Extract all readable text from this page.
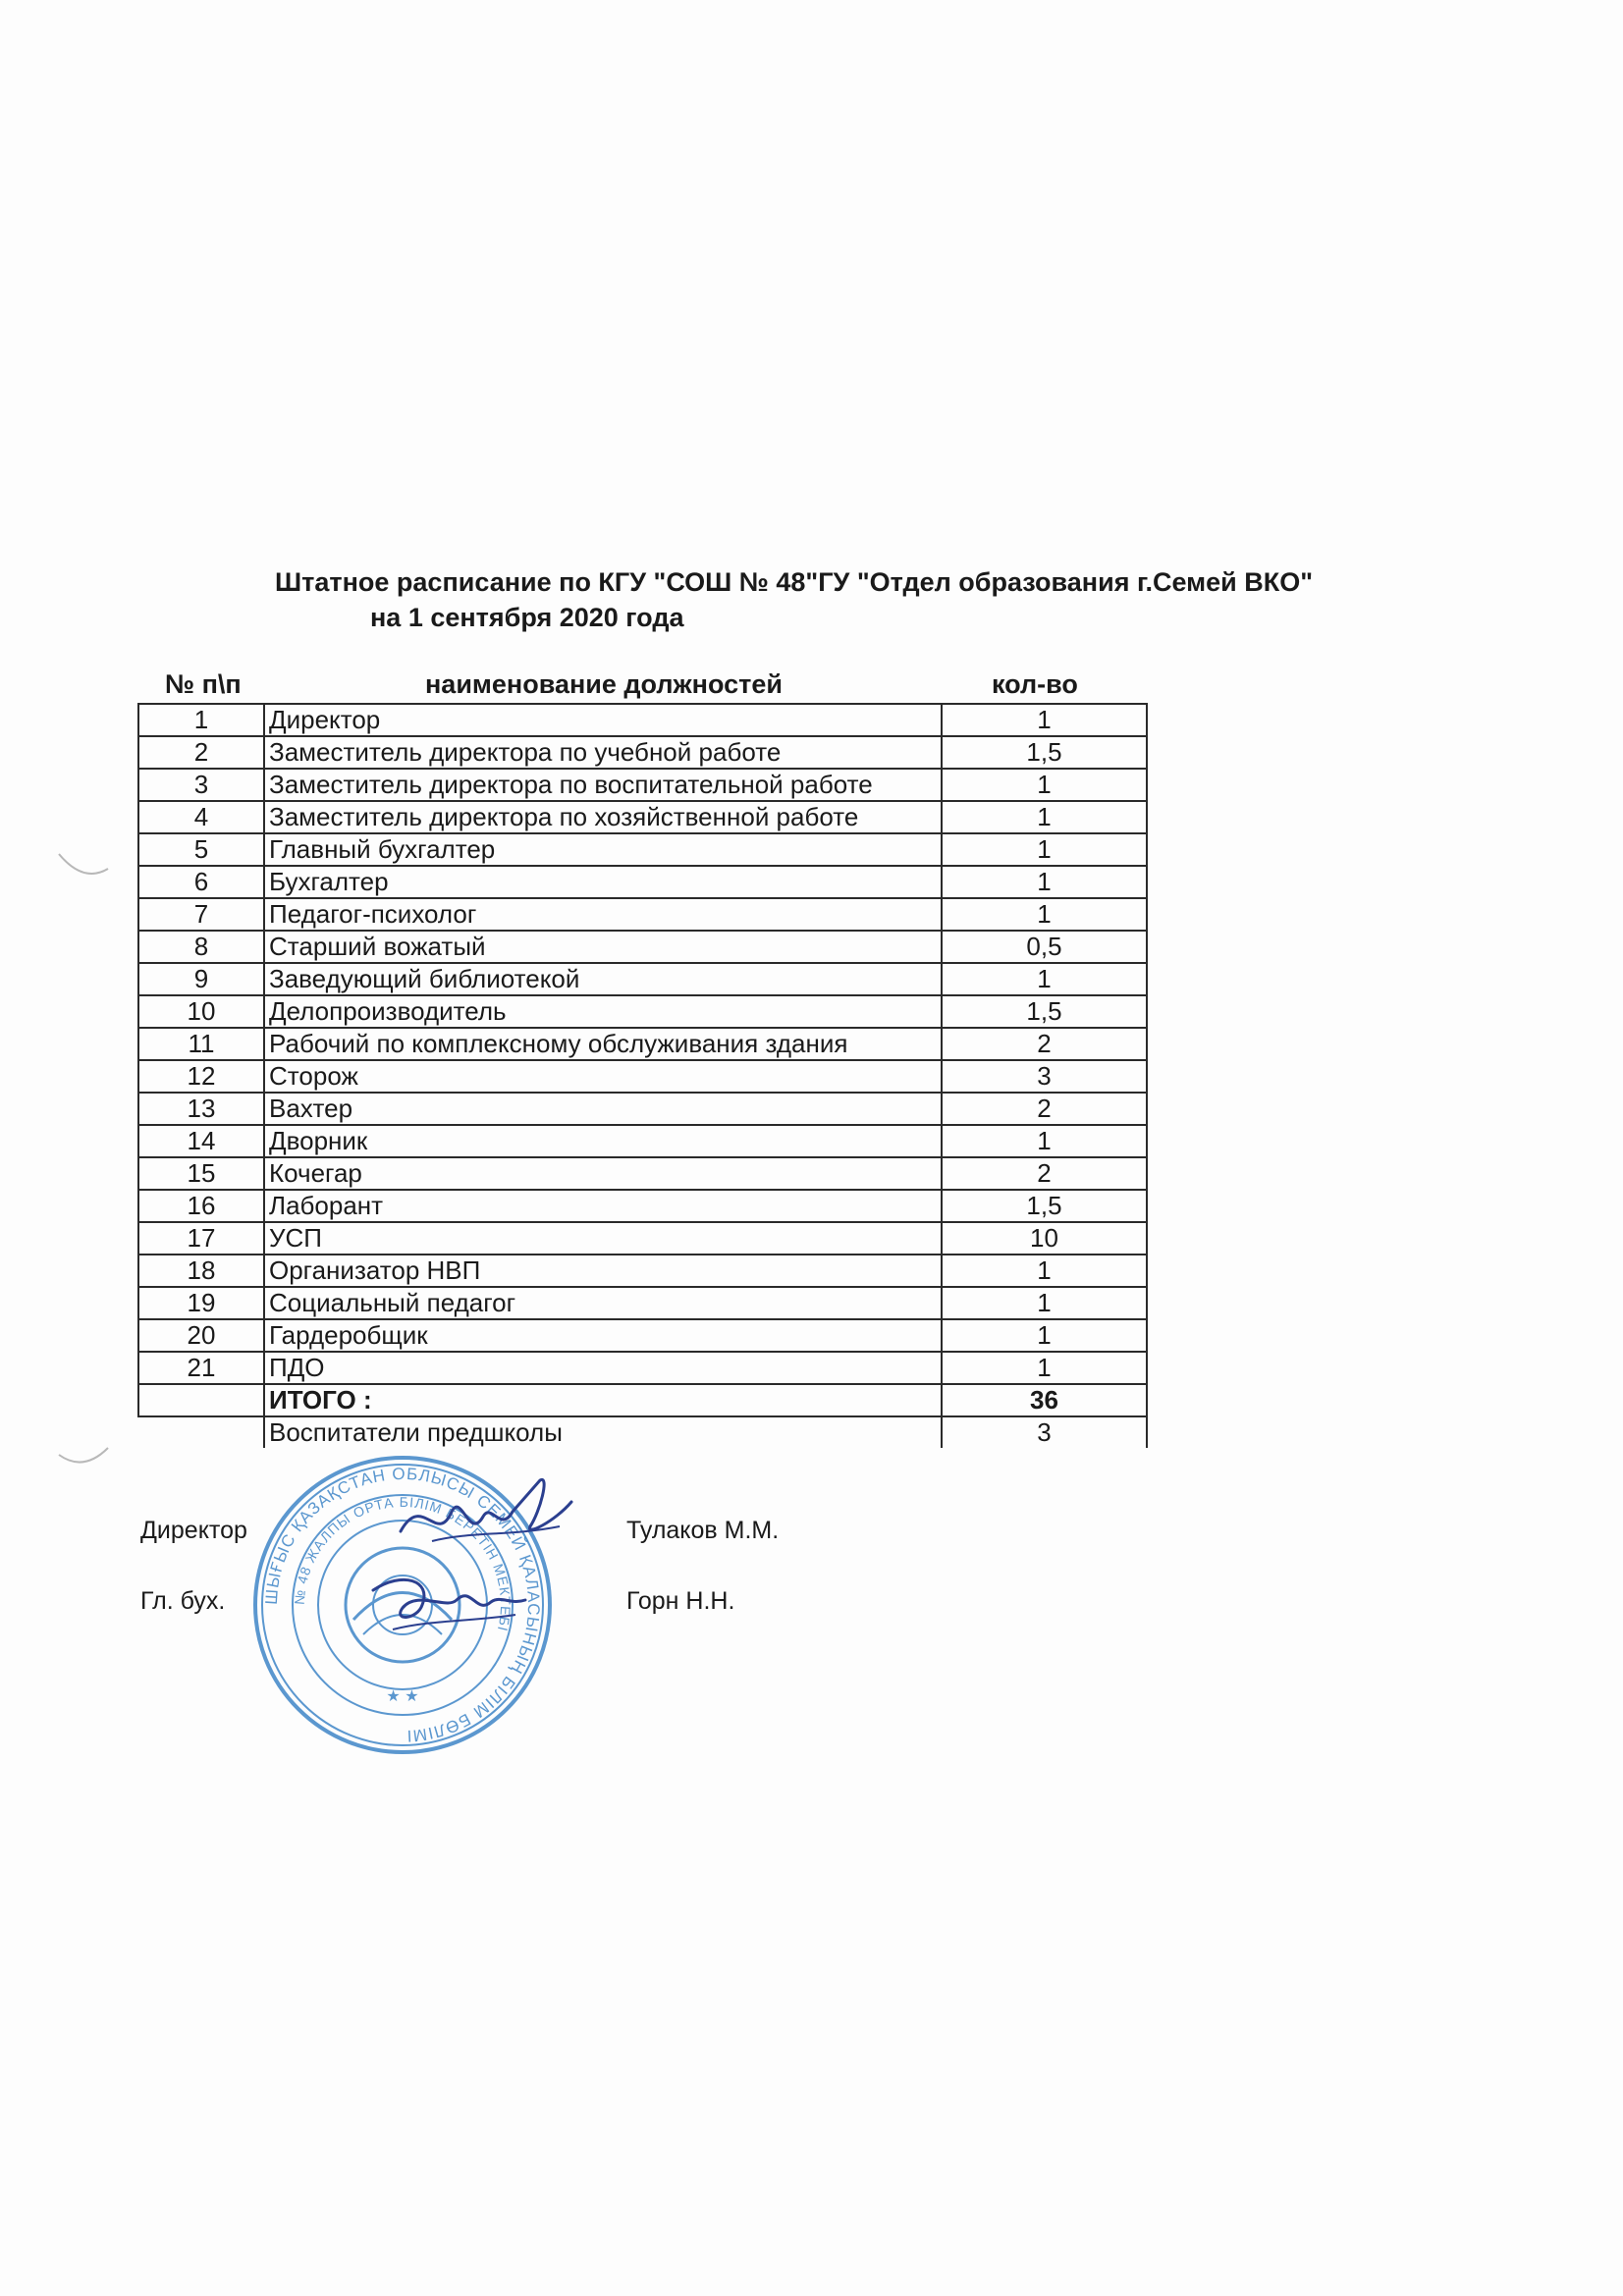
Штатное расписание по КГУ "СОШ № 48"ГУ "Отдел образования г.Семей ВКО"
на 1 сентября 2020 года
№ п\п	наименование должностей	кол-во
1	Директор	1
2	Заместитель директора по учебной работе	1,5
3	Заместитель директора по воспитательной работе	1
4	Заместитель директора по хозяйственной работе	1
5	Главный бухгалтер	1
6	Бухгалтер	1
7	Педагог-психолог	1
8	Старший вожатый	0,5
9	Заведующий библиотекой	1
10	Делопроизводитель	1,5
11	Рабочий по комплексному обслуживания здания	2
12	Сторож	3
13	Вахтер	2
14	Дворник	1
15	Кочегар	2
16	Лаборант	1,5
17	УСП	10
18	Организатор НВП	1
19	Социальный педагог	1
20	Гардеробщик	1
21	ПДО	1
	ИТОГО :	36
	Воспитатели предшколы	3
Директор	Тулаков М.М.
Гл. бух.	Горн Н.Н.
ШЫҒЫС ҚАЗАҚСТАН ОБЛЫСЫ СЕМЕЙ ҚАЛАСЫНЫҢ БІЛІМ БӨЛІМІ
№ 48 ЖАЛПЫ ОРТА БІЛІМ БЕРЕТІН МЕКТЕБІ
★ ★
